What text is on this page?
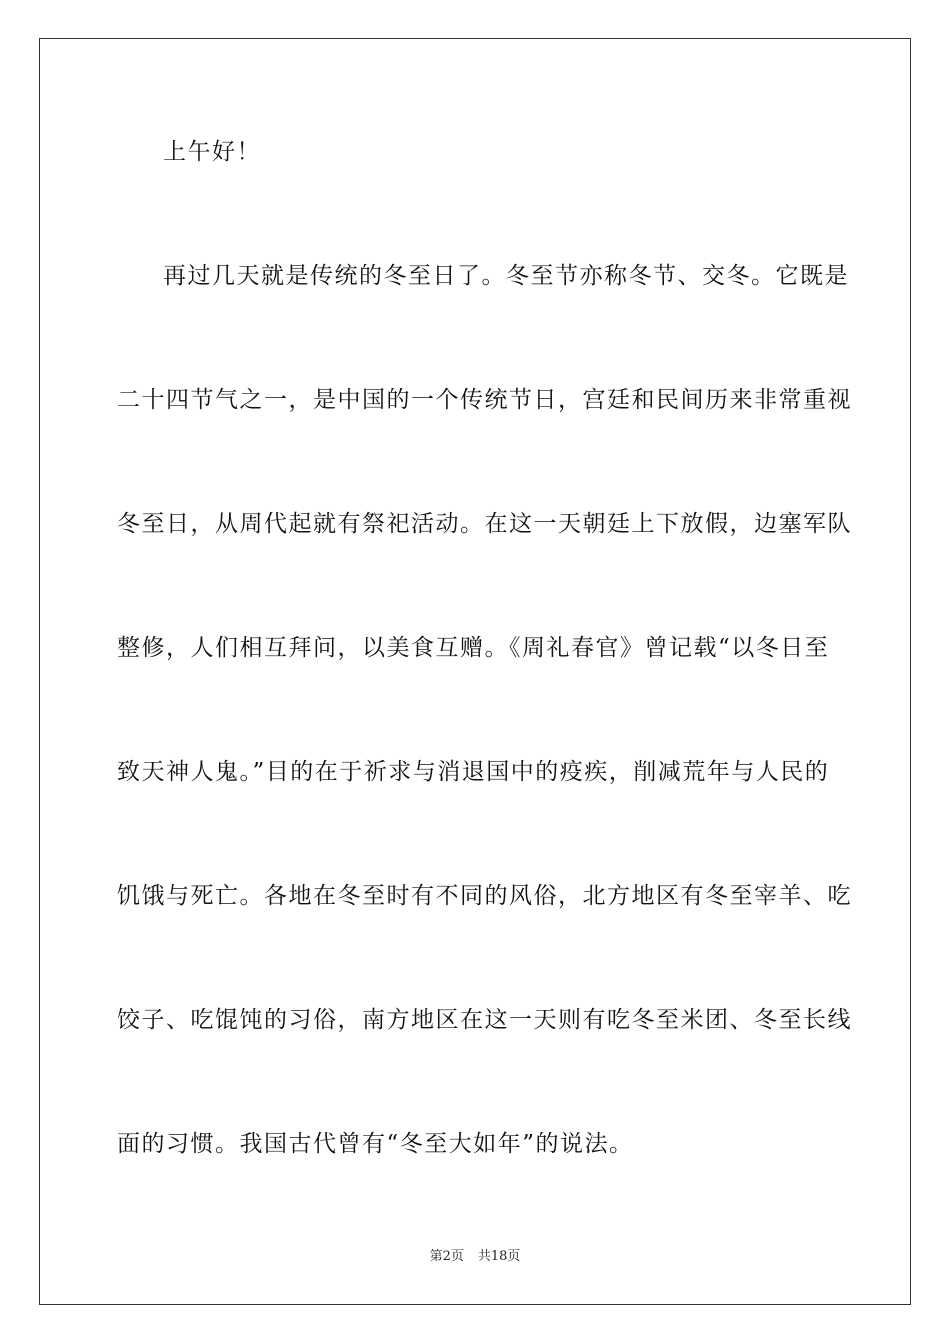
上午好！
再过几天就是传统的冬至日了。冬至节亦称冬节、交冬。它既是
二十四节气之一，是中国的一个传统节日，宫廷和民间历来非常重视
冬至日，从周代起就有祭祀活动。在这一天朝廷上下放假，边塞军队
整修，人们相互拜问，以美食互赠。《周礼春官》曾记载“以冬日至
致天神人鬼。”目的在于祈求与消退国中的疫疾，削减荒年与人民的
饥饿与死亡。各地在冬至时有不同的风俗，北方地区有冬至宰羊、吃
饺子、吃馄饨的习俗，南方地区在这一天则有吃冬至米团、冬至长线
面的习惯。我国古代曾有“冬至大如年”的说法。
第2页 共18页
